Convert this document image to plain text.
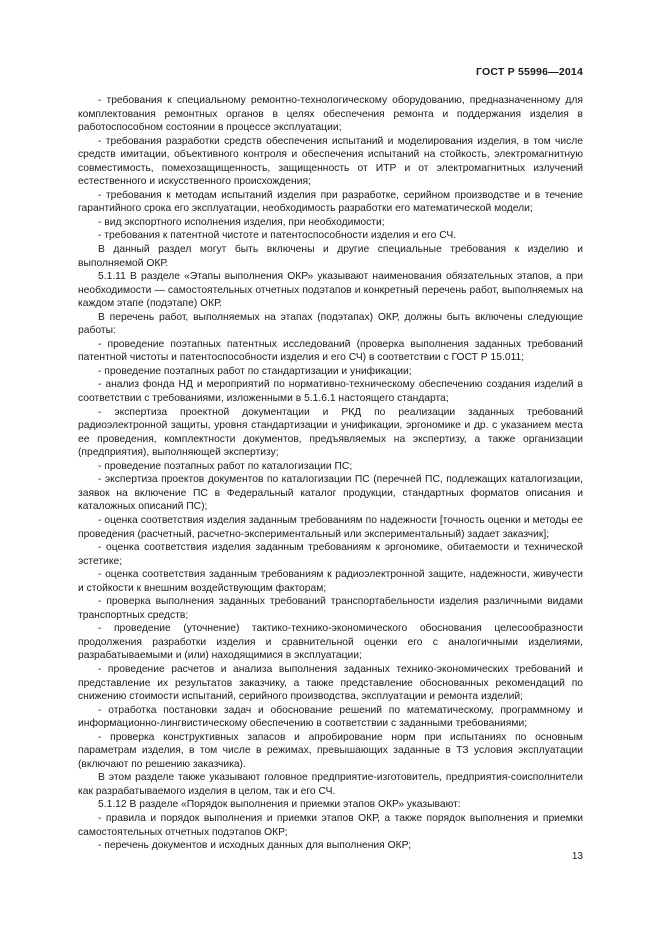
ГОСТ Р 55996—2014

- требования к специальному ремонтно-технологическому оборудованию, предназначенному для комплектования ремонтных органов в целях обеспечения ремонта и поддержания изделия в работоспособном состоянии в процессе эксплуатации;

- требования разработки средств обеспечения испытаний и моделирования изделия, в том числе средств имитации, объективного контроля и обеспечения испытаний на стойкость, электромагнитную совместимость, помехозащищенность, защищенность от ИТР и от электромагнитных излучений естественного и искусственного происхождения;

- требования к методам испытаний изделия при разработке, серийном производстве и в течение гарантийного срока его эксплуатации, необходимость разработки его математической модели;

- вид экспортного исполнения изделия, при необходимости;

- требования к патентной чистоте и патентоспособности изделия и его СЧ.

В данный раздел могут быть включены и другие специальные требования к изделию и выполняемой ОКР.

5.1.11 В разделе «Этапы выполнения ОКР» указывают наименования обязательных этапов, а при необходимости — самостоятельных отчетных подэтапов и конкретный перечень работ, выполняемых на каждом этапе (подэтапе) ОКР.

В перечень работ, выполняемых на этапах (подэтапах) ОКР, должны быть включены следующие работы:

- проведение поэтапных патентных исследований (проверка выполнения заданных требований патентной чистоты и патентоспособности изделия и его СЧ) в соответствии с ГОСТ Р 15.011;

- проведение поэтапных работ по стандартизации и унификации;

- анализ фонда НД и мероприятий по нормативно-техническому обеспечению создания изделий в соответствии с требованиями, изложенными в 5.1.6.1 настоящего стандарта;

- экспертиза проектной документации и РКД по реализации заданных требований радиоэлектронной защиты, уровня стандартизации и унификации, эргономике и др. с указанием места ее проведения, комплектности документов, предъявляемых на экспертизу, а также организации (предприятия), выполняющей экспертизу;

- проведение поэтапных работ по каталогизации ПС;

- экспертиза проектов документов по каталогизации ПС (перечней ПС, подлежащих каталогизации, заявок на включение ПС в Федеральный каталог продукции, стандартных форматов описания и каталожных описаний ПС);

- оценка соответствия изделия заданным требованиям по надежности [точность оценки и методы ее проведения (расчетный, расчетно-экспериментальный или экспериментальный) задает заказчик];

- оценка соответствия изделия заданным требованиям к эргономике, обитаемости и технической эстетике;

- оценка соответствия заданным требованиям к радиоэлектронной защите, надежности, живучести и стойкости к внешним воздействующим факторам;

- проверка выполнения заданных требований транспортабельности изделия различными видами транспортных средств;

- проведение (уточнение) тактико-технико-экономического обоснования целесообразности продолжения разработки изделия и сравнительной оценки его с аналогичными изделиями, разрабатываемыми и (или) находящимися в эксплуатации;

- проведение расчетов и анализа выполнения заданных технико-экономических требований и представление их результатов заказчику, а также представление обоснованных рекомендаций по снижению стоимости испытаний, серийного производства, эксплуатации и ремонта изделий;

- отработка постановки задач и обоснование решений по математическому, программному и информационно-лингвистическому обеспечению в соответствии с заданными требованиями;

- проверка конструктивных запасов и апробирование норм при испытаниях по основным параметрам изделия, в том числе в режимах, превышающих заданные в ТЗ условия эксплуатации (включают по решению заказчика).

В этом разделе также указывают головное предприятие-изготовитель, предприятия-соисполнители как разрабатываемого изделия в целом, так и его СЧ.

5.1.12 В разделе «Порядок выполнения и приемки этапов ОКР» указывают:

- правила и порядок выполнения и приемки этапов ОКР, а также порядок выполнения и приемки самостоятельных отчетных подэтапов ОКР;

- перечень документов и исходных данных для выполнения ОКР;

13
